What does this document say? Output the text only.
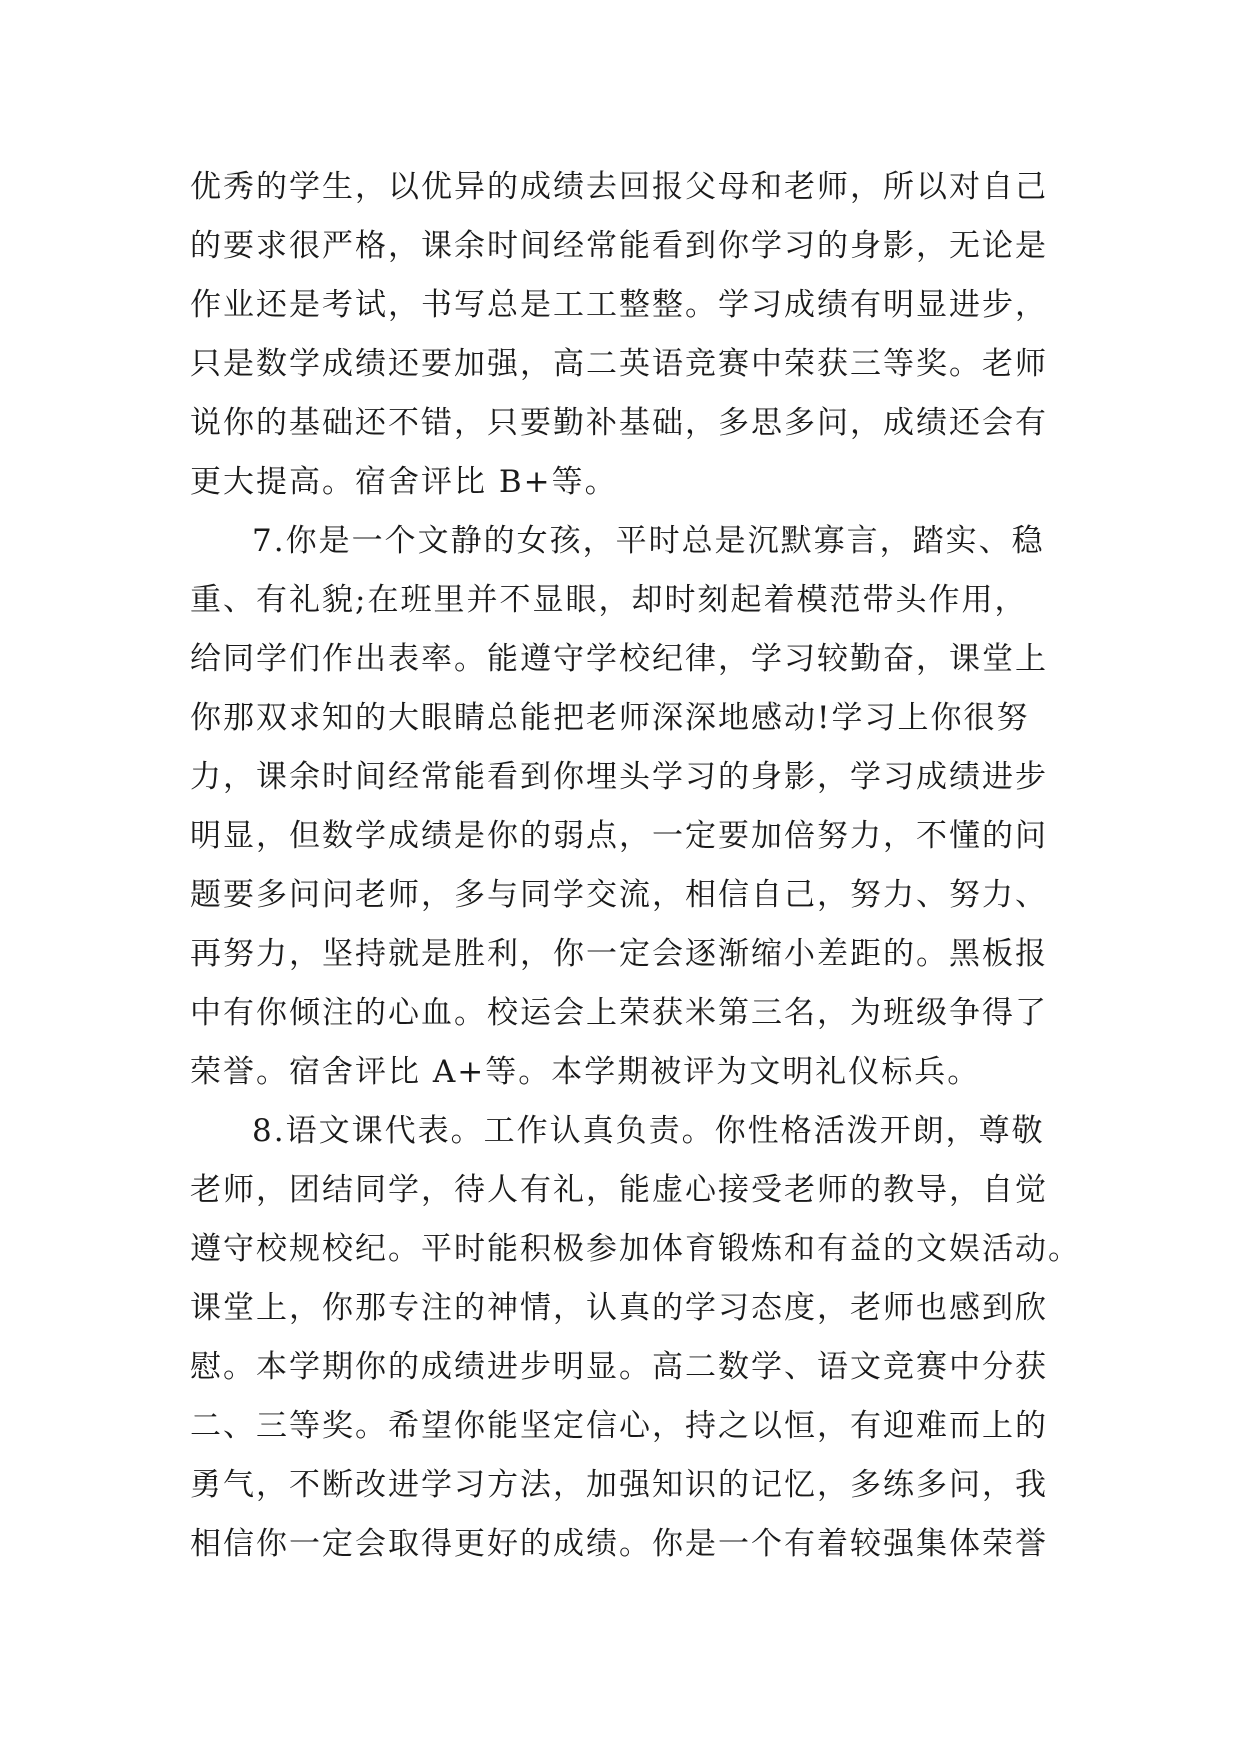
优秀的学生，以优异的成绩去回报父母和老师，所以对自己
的要求很严格，课余时间经常能看到你学习的身影，无论是
作业还是考试，书写总是工工整整。学习成绩有明显进步，
只是数学成绩还要加强，高二英语竞赛中荣获三等奖。老师
说你的基础还不错，只要勤补基础，多思多问，成绩还会有
更大提高。宿舍评比 B+等。
7.你是一个文静的女孩，平时总是沉默寡言，踏实、稳
重、有礼貌;在班里并不显眼，却时刻起着模范带头作用，
给同学们作出表率。能遵守学校纪律，学习较勤奋，课堂上
你那双求知的大眼睛总能把老师深深地感动!学习上你很努
力，课余时间经常能看到你埋头学习的身影，学习成绩进步
明显，但数学成绩是你的弱点，一定要加倍努力，不懂的问
题要多问问老师，多与同学交流，相信自己，努力、努力、
再努力，坚持就是胜利，你一定会逐渐缩小差距的。黑板报
中有你倾注的心血。校运会上荣获米第三名，为班级争得了
荣誉。宿舍评比 A+等。本学期被评为文明礼仪标兵。
8.语文课代表。工作认真负责。你性格活泼开朗，尊敬
老师，团结同学，待人有礼，能虚心接受老师的教导，自觉
遵守校规校纪。平时能积极参加体育锻炼和有益的文娱活动。
课堂上，你那专注的神情，认真的学习态度，老师也感到欣
慰。本学期你的成绩进步明显。高二数学、语文竞赛中分获
二、三等奖。希望你能坚定信心，持之以恒，有迎难而上的
勇气，不断改进学习方法，加强知识的记忆，多练多问，我
相信你一定会取得更好的成绩。你是一个有着较强集体荣誉
